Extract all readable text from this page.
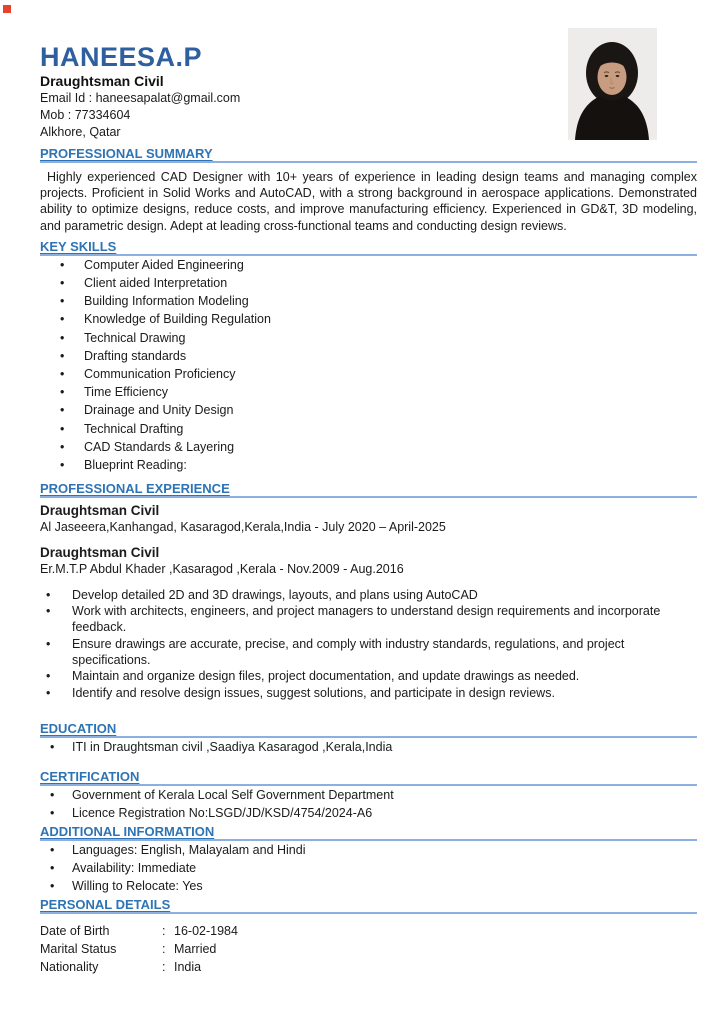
HANEESA.P
Draughtsman Civil
Email Id : haneesapalat@gmail.com
Mob : 77334604
Alkhore, Qatar
PROFESSIONAL SUMMARY

Highly experienced CAD Designer with 10+ years of experience in leading design teams and managing complex projects. Proficient in Solid Works and AutoCAD, with a strong background in aerospace applications. Demonstrated ability to optimize designs, reduce costs, and improve manufacturing efficiency. Experienced in GD&T, 3D modeling, and parametric design. Adept at leading cross-functional teams and conducting design reviews.

KEY SKILLS
•
Computer Aided Engineering
•
Client aided Interpretation
•
Building Information Modeling
•
Knowledge of Building Regulation
•
Technical Drawing
•
Drafting standards
•
Communication Proficiency
•
Time Efficiency
•
Drainage and Unity Design
•
Technical Drafting
•
CAD Standards & Layering
•
Blueprint Reading:
PROFESSIONAL EXPERIENCE
Draughtsman Civil
Al Jaseeera,Kanhangad, Kasaragod,Kerala,India - July 2020 – April-2025
Draughtsman Civil
Er.M.T.P Abdul Khader ,Kasaragod ,Kerala - Nov.2009 - Aug.2016
•
Develop detailed 2D and 3D drawings, layouts, and plans using AutoCAD
•
Work with architects, engineers, and project managers to understand design requirements and incorporate feedback.
•
Ensure drawings are accurate, precise, and comply with industry standards, regulations, and project specifications.
•
Maintain and organize design files, project documentation, and update drawings as needed.
•
Identify and resolve design issues, suggest solutions, and participate in design reviews.
EDUCATION
•
ITI in Draughtsman civil ,Saadiya Kasaragod ,Kerala,India
CERTIFICATION
•
Government of Kerala Local Self Government Department
•
Licence Registration No:LSGD/JD/KSD/4754/2024-A6
ADDITIONAL INFORMATION
•
Languages: English, Malayalam and Hindi
•
Availability: Immediate
•
Willing to Relocate: Yes
PERSONAL DETAILS
Date of Birth	: 16-02-1984
Marital Status	: Married
Nationality	: India
